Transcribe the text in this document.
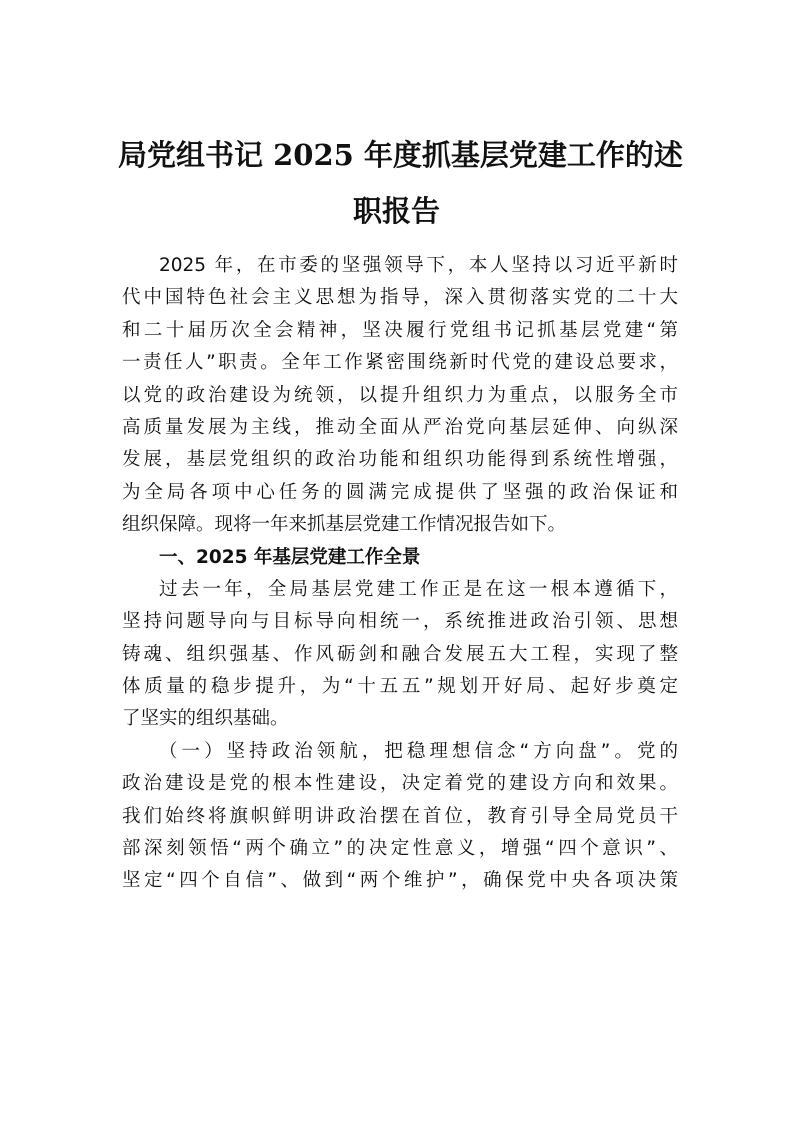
局党组书记 2025 年度抓基层党建工作的述
职报告
2025 年，在市委的坚强领导下，本人坚持以习近平新时
代中国特色社会主义思想为指导，深入贯彻落实党的二十大
和二十届历次全会精神，坚决履行党组书记抓基层党建“第
一责任人”职责。全年工作紧密围绕新时代党的建设总要求，
以党的政治建设为统领，以提升组织力为重点，以服务全市
高质量发展为主线，推动全面从严治党向基层延伸、向纵深
发展，基层党组织的政治功能和组织功能得到系统性增强，
为全局各项中心任务的圆满完成提供了坚强的政治保证和
组织保障。现将一年来抓基层党建工作情况报告如下。
一、2025 年基层党建工作全景
过去一年，全局基层党建工作正是在这一根本遵循下，
坚持问题导向与目标导向相统一，系统推进政治引领、思想
铸魂、组织强基、作风砺剑和融合发展五大工程，实现了整
体质量的稳步提升，为“十五五”规划开好局、起好步奠定
了坚实的组织基础。
（一）坚持政治领航，把稳理想信念“方向盘”。党的
政治建设是党的根本性建设，决定着党的建设方向和效果。
我们始终将旗帜鲜明讲政治摆在首位，教育引导全局党员干
部深刻领悟“两个确立”的决定性意义，增强“四个意识”、
坚定“四个自信”、做到“两个维护”，确保党中央各项决策
